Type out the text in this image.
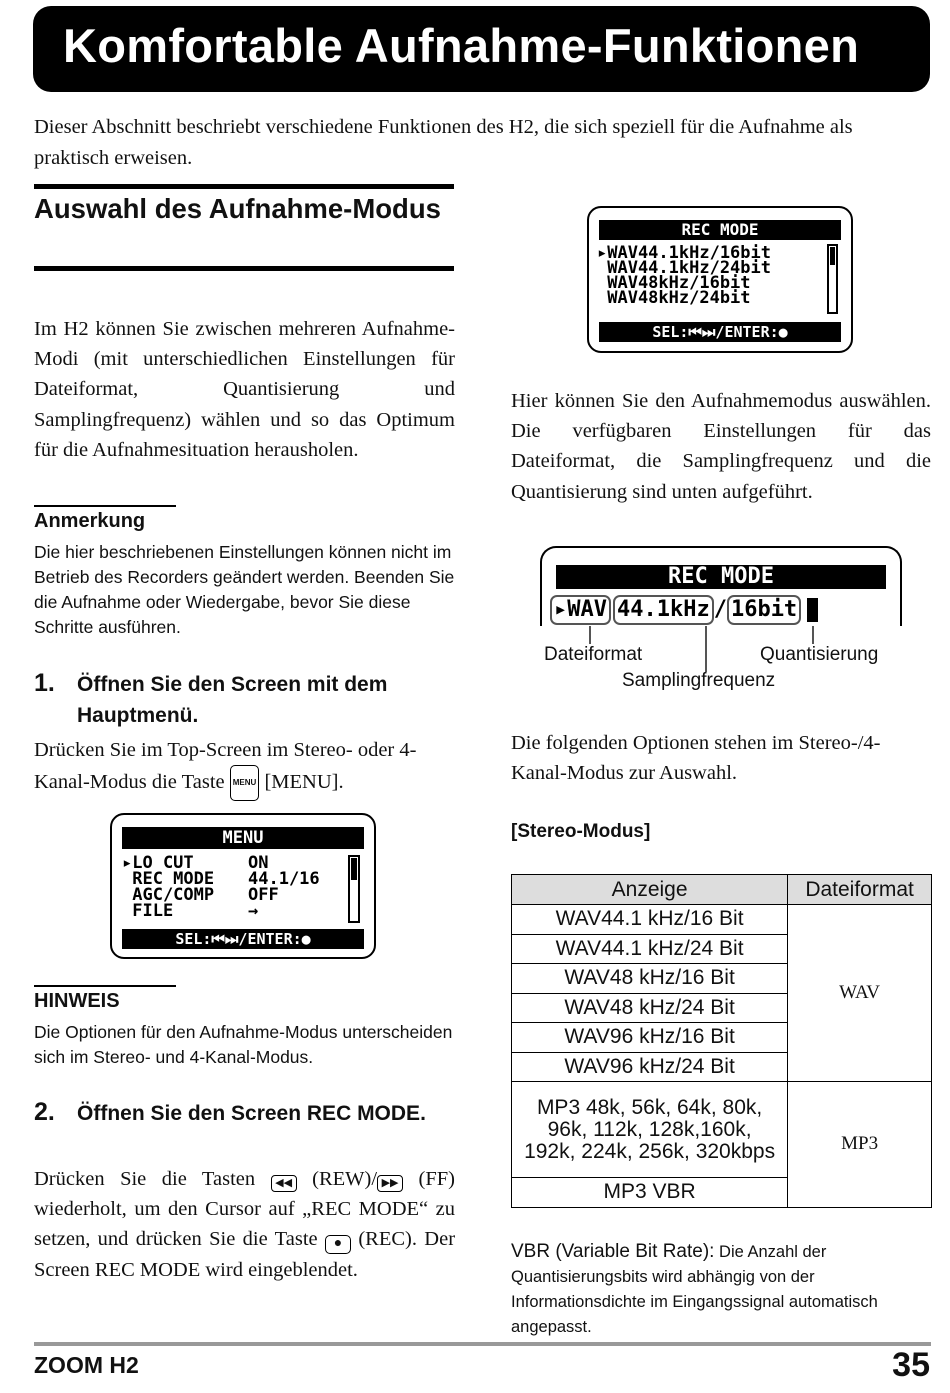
Komfortable Aufnahme-Funktionen
Dieser Abschnitt beschriebt verschiedene Funktionen des H2, die sich speziell für die Aufnahme als praktisch erweisen.
Auswahl des Aufnahme-Modus
Im H2 können Sie zwischen mehreren Aufnahme-Modi (mit unterschiedlichen Einstellungen für Dateiformat, Quantisierung und Samplingfrequenz) wählen und so das Optimum für die Aufnahmesituation herausholen.
Anmerkung
Die hier beschriebenen Einstellungen können nicht im Betrieb des Recorders geändert werden. Beenden Sie die Aufnahme oder Wiedergabe, bevor Sie diese Schritte ausführen.
1. Öffnen Sie den Screen mit dem Hauptmenü.
Drücken Sie im Top-Screen im Stereo- oder 4-Kanal-Modus die Taste MENU [MENU].
MENU
▸LO CUT	ON
REC MODE	44.1/16
AGC/COMP	OFF
FILE	→
SEL:⏮⏭/ENTER:●
HINWEIS
Die Optionen für den Aufnahme-Modus unterscheiden sich im Stereo- und 4-Kanal-Modus.
2. Öffnen Sie den Screen REC MODE.
Drücken Sie die Tasten ◀◀ (REW)/ ▶▶ (FF) wiederholt, um den Cursor auf „REC MODE“ zu setzen, und drücken Sie die Taste ● (REC). Der Screen REC MODE wird eingeblendet.
REC MODE
▸WAV44.1kHz/16bit
WAV44.1kHz/24bit
WAV48kHz/16bit
WAV48kHz/24bit
SEL:⏮⏭/ENTER:●
Hier können Sie den Aufnahmemodus auswählen. Die verfügbaren Einstellungen für das Dateiformat, die Samplingfrequenz und die Quantisierung sind unten aufgeführt.
REC MODE
▸WAV 44.1kHz / 16bit
Dateiformat	Quantisierung
Samplingfrequenz
Die folgenden Optionen stehen im Stereo-/4-Kanal-Modus zur Auswahl.
[Stereo-Modus]
Anzeige	Dateiformat
WAV44.1 kHz/16 Bit	WAV
WAV44.1 kHz/24 Bit	
WAV48 kHz/16 Bit	
WAV48 kHz/24 Bit	
WAV96 kHz/16 Bit	
WAV96 kHz/24 Bit	
MP3 48k, 56k, 64k, 80k, 96k, 112k, 128k,160k, 192k, 224k, 256k, 320kbps	MP3
MP3 VBR	
VBR (Variable Bit Rate): Die Anzahl der Quantisierungsbits wird abhängig von der Informationsdichte im Eingangssignal automatisch angepasst.
ZOOM H2	35
